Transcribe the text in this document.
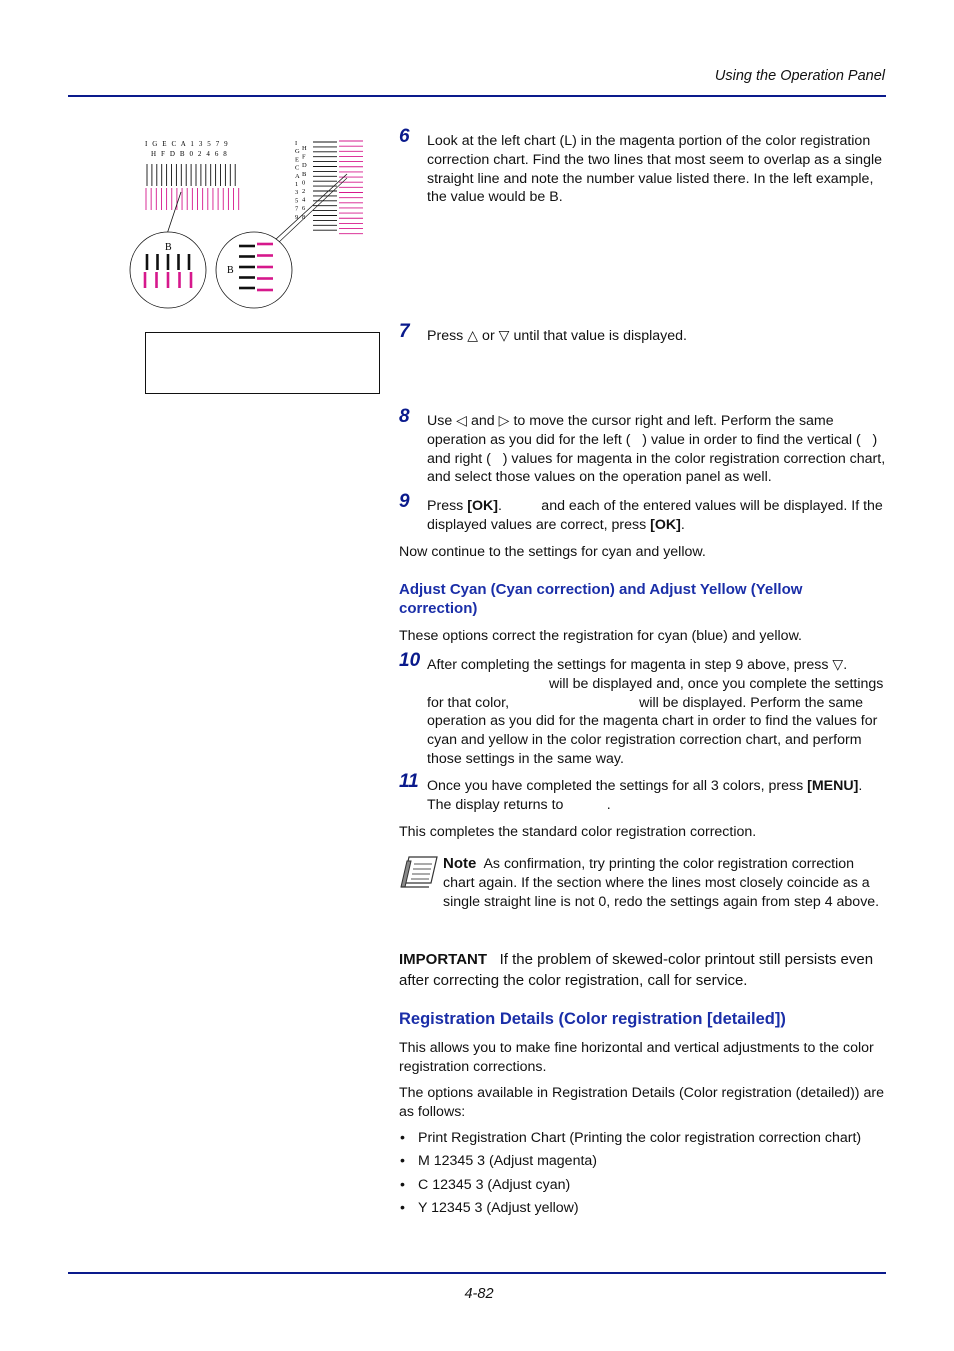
Using the Operation Panel
I G E C A 1 3 5 7 9
H F D B 0 2 4 6 8
I
G
E
C
A
1
3
5
7
9
H
F
D
B
0
2
4
6
8
B
B
6 Look at the left chart (L) in the magenta portion of the color registration correction chart. Find the two lines that most seem to overlap as a single straight line and note the number value listed there. In the left example, the value would be B.
7 Press △ or ▽ until that value is displayed.
8 Use ◁ and ▷ to move the cursor right and left. Perform the same operation as you did for the left (   ) value in order to find the vertical (   ) and right (   ) values for magenta in the color registration correction chart, and select those values on the operation panel as well.
9 Press [OK].          and each of the entered values will be displayed. If the displayed values are correct, press [OK].
Now continue to the settings for cyan and yellow.
Adjust Cyan (Cyan correction) and Adjust Yellow (Yellow correction)
These options correct the registration for cyan (blue) and yellow.
10 After completing the settings for magenta in step 9 above, press ▽.
will be displayed and, once you complete the settings for that color,                                 will be displayed. Perform the same operation as you did for the magenta chart in order to find the values for cyan and yellow in the color registration correction chart, and perform those settings in the same way.
11 Once you have completed the settings for all 3 colors, press [MENU]. The display returns to           .
This completes the standard color registration correction.
Note As confirmation, try printing the color registration correction chart again. If the section where the lines most closely coincide as a single straight line is not 0, redo the settings again from step 4 above.
IMPORTANT If the problem of skewed-color printout still persists even after correcting the color registration, call for service.
Registration Details (Color registration [detailed])
This allows you to make fine horizontal and vertical adjustments to the color registration corrections.
The options available in Registration Details (Color registration (detailed)) are as follows:
• Print Registration Chart (Printing the color registration correction chart)
• M 12345 3 (Adjust magenta)
• C 12345 3 (Adjust cyan)
• Y 12345 3 (Adjust yellow)
4-82
